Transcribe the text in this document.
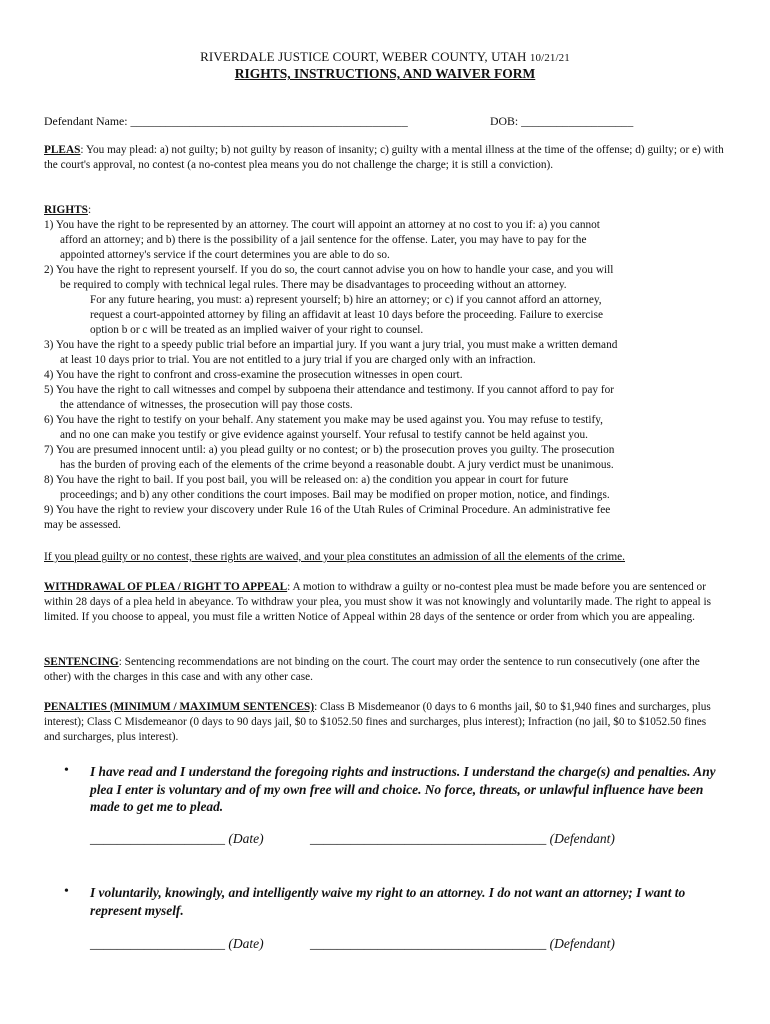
RIVERDALE JUSTICE COURT, WEBER COUNTY, UTAH 10/21/21
RIGHTS, INSTRUCTIONS, AND WAIVER FORM
Defendant Name: _______________________________________________	DOB: ___________________
PLEAS: You may plead: a) not guilty; b) not guilty by reason of insanity; c) guilty with a mental illness at the time of the offense; d) guilty; or e) with the court's approval, no contest (a no-contest plea means you do not challenge the charge; it is still a conviction).
RIGHTS:
1) You have the right to be represented by an attorney. The court will appoint an attorney at no cost to you if: a) you cannot
afford an attorney; and b) there is the possibility of a jail sentence for the offense. Later, you may have to pay for the
appointed attorney's service if the court determines you are able to do so.
2) You have the right to represent yourself. If you do so, the court cannot advise you on how to handle your case, and you will
be required to comply with technical legal rules. There may be disadvantages to proceeding without an attorney.
For any future hearing, you must: a) represent yourself; b) hire an attorney; or c) if you cannot afford an attorney,
request a court-appointed attorney by filing an affidavit at least 10 days before the proceeding. Failure to exercise
option b or c will be treated as an implied waiver of your right to counsel.
3) You have the right to a speedy public trial before an impartial jury. If you want a jury trial, you must make a written demand
at least 10 days prior to trial. You are not entitled to a jury trial if you are charged only with an infraction.
4) You have the right to confront and cross-examine the prosecution witnesses in open court.
5) You have the right to call witnesses and compel by subpoena their attendance and testimony. If you cannot afford to pay for
the attendance of witnesses, the prosecution will pay those costs.
6) You have the right to testify on your behalf. Any statement you make may be used against you. You may refuse to testify,
and no one can make you testify or give evidence against yourself. Your refusal to testify cannot be held against you.
7) You are presumed innocent until: a) you plead guilty or no contest; or b) the prosecution proves you guilty. The prosecution
has the burden of proving each of the elements of the crime beyond a reasonable doubt. A jury verdict must be unanimous.
8) You have the right to bail. If you post bail, you will be released on: a) the condition you appear in court for future
proceedings; and b) any other conditions the court imposes. Bail may be modified on proper motion, notice, and findings.
9) You have the right to review your discovery under Rule 16 of the Utah Rules of Criminal Procedure. An administrative fee
may be assessed.
If you plead guilty or no contest, these rights are waived, and your plea constitutes an admission of all the elements of the crime.
WITHDRAWAL OF PLEA / RIGHT TO APPEAL: A motion to withdraw a guilty or no-contest plea must be made before you are sentenced or within 28 days of a plea held in abeyance. To withdraw your plea, you must show it was not knowingly and voluntarily made. The right to appeal is limited. If you choose to appeal, you must file a written Notice of Appeal within 28 days of the sentence or order from which you are appealing.
SENTENCING: Sentencing recommendations are not binding on the court. The court may order the sentence to run consecutively (one after the other) with the charges in this case and with any other case.
PENALTIES (MINIMUM / MAXIMUM SENTENCES): Class B Misdemeanor (0 days to 6 months jail, $0 to $1,940 fines and surcharges, plus interest); Class C Misdemeanor (0 days to 90 days jail, $0 to $1052.50 fines and surcharges, plus interest); Infraction (no jail, $0 to $1052.50 fines and surcharges, plus interest).
•	I have read and I understand the foregoing rights and instructions. I understand the charge(s) and penalties. Any plea I enter is voluntary and of my own free will and choice. No force, threats, or unlawful influence have been made to get me to plead.
____________________ (Date)	___________________________________ (Defendant)
•	I voluntarily, knowingly, and intelligently waive my right to an attorney. I do not want an attorney; I want to represent myself.
____________________ (Date)	___________________________________ (Defendant)
